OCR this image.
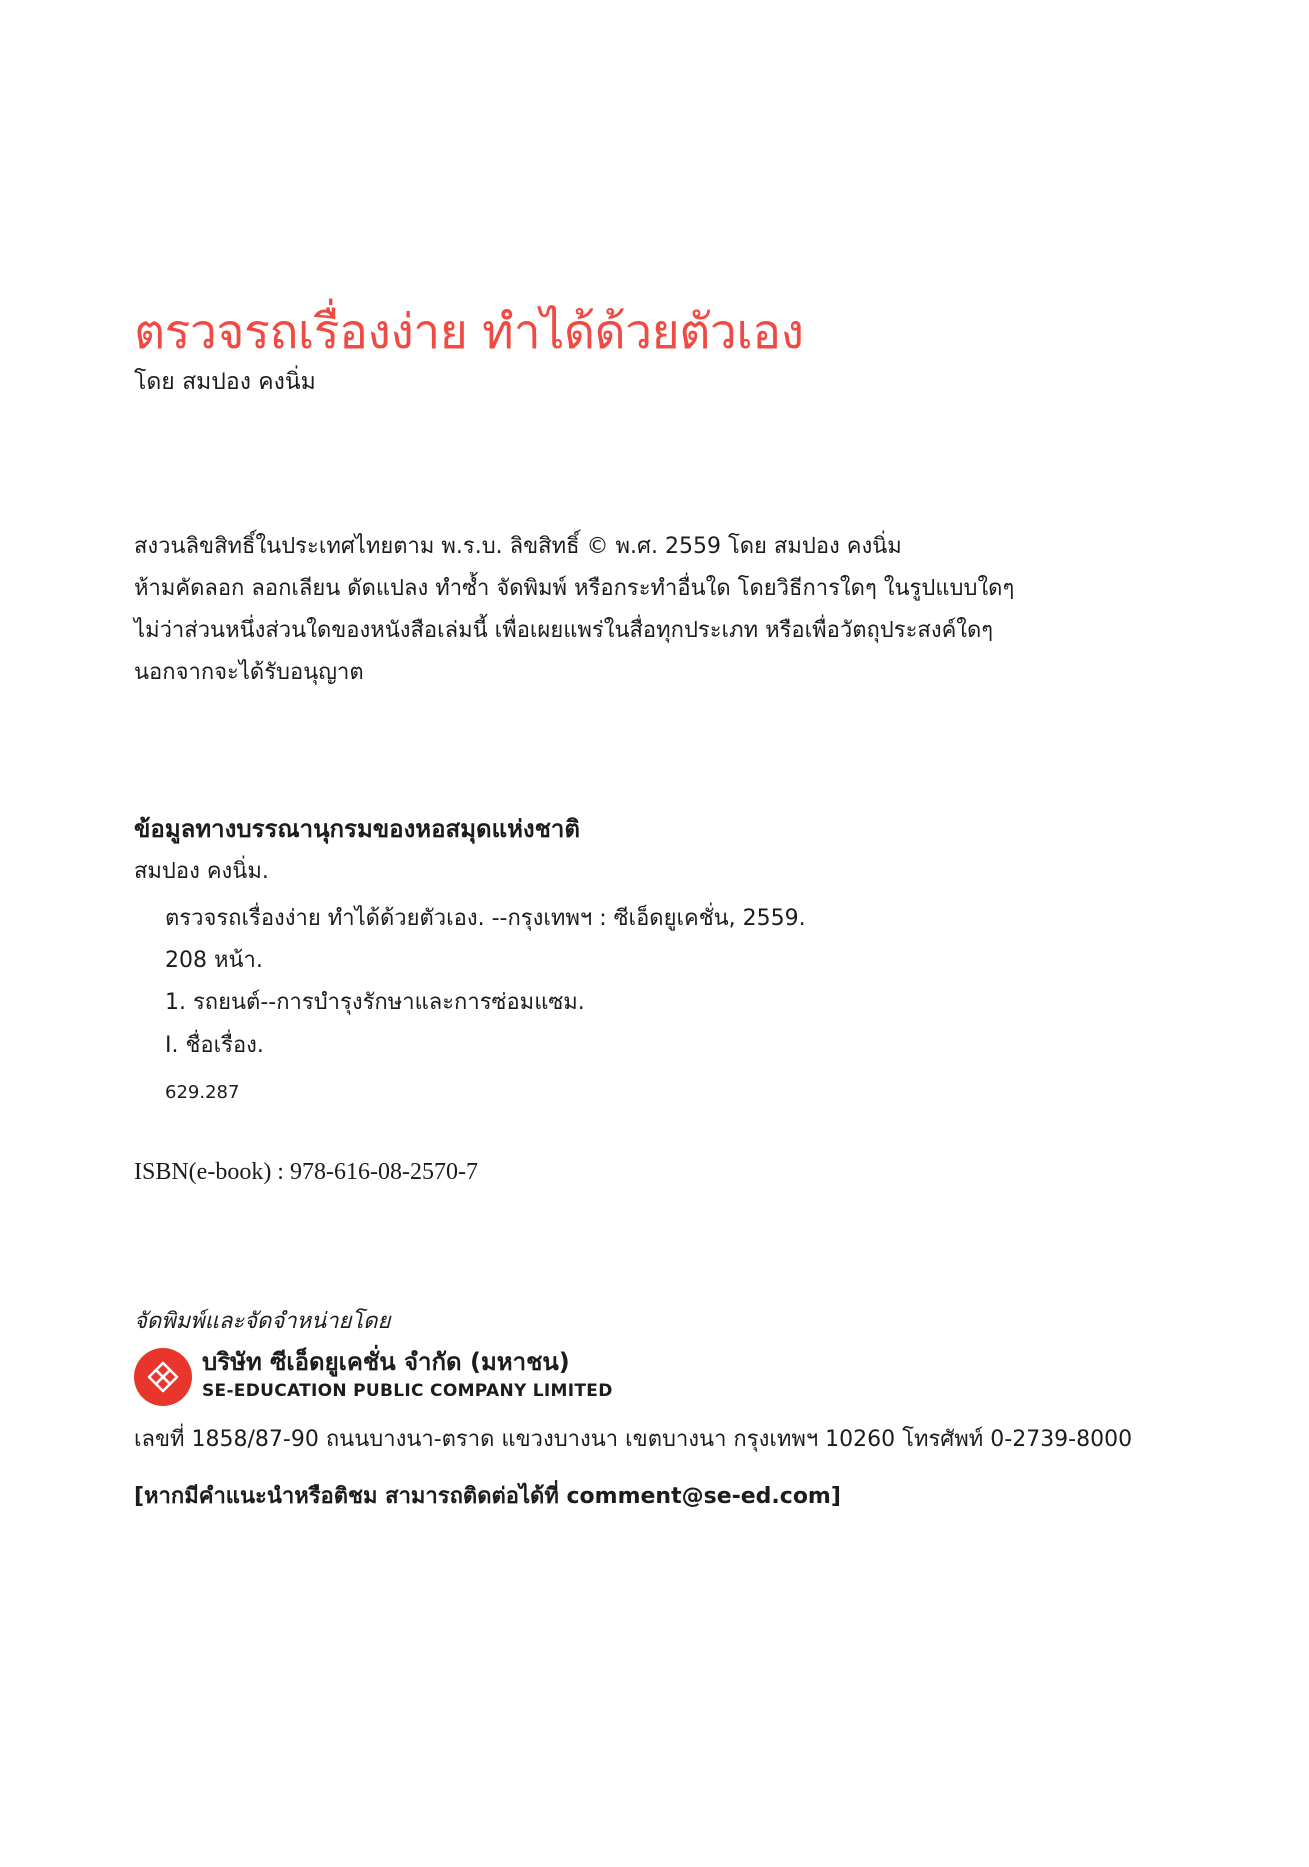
ตรวจรถเรื่องง่าย ทำได้ด้วยตัวเอง
โดย สมปอง คงนิ่ม
สงวนลิขสิทธิ์ในประเทศไทยตาม พ.ร.บ. ลิขสิทธิ์ © พ.ศ. 2559 โดย สมปอง คงนิ่ม
ห้ามคัดลอก ลอกเลียน ดัดแปลง ทำซ้ำ จัดพิมพ์ หรือกระทำอื่นใด โดยวิธีการใดๆ ในรูปแบบใดๆ
ไม่ว่าส่วนหนึ่งส่วนใดของหนังสือเล่มนี้ เพื่อเผยแพร่ในสื่อทุกประเภท หรือเพื่อวัตถุประสงค์ใดๆ
นอกจากจะได้รับอนุญาต
ข้อมูลทางบรรณานุกรมของหอสมุดแห่งชาติ
สมปอง คงนิ่ม.
ตรวจรถเรื่องง่าย ทำได้ด้วยตัวเอง. --กรุงเทพฯ : ซีเอ็ดยูเคชั่น, 2559.
208 หน้า.
1. รถยนต์--การบำรุงรักษาและการซ่อมแซม.
I. ชื่อเรื่อง.
629.287
ISBN(e-book) : 978-616-08-2570-7
จัดพิมพ์และจัดจำหน่ายโดย
บริษัท ซีเอ็ดยูเคชั่น จำกัด (มหาชน)
SE-EDUCATION PUBLIC COMPANY LIMITED
เลขที่ 1858/87-90 ถนนบางนา-ตราด แขวงบางนา เขตบางนา กรุงเทพฯ 10260 โทรศัพท์ 0-2739-8000
[หากมีคำแนะนำหรือติชม สามารถติดต่อได้ที่ comment@se-ed.com]
